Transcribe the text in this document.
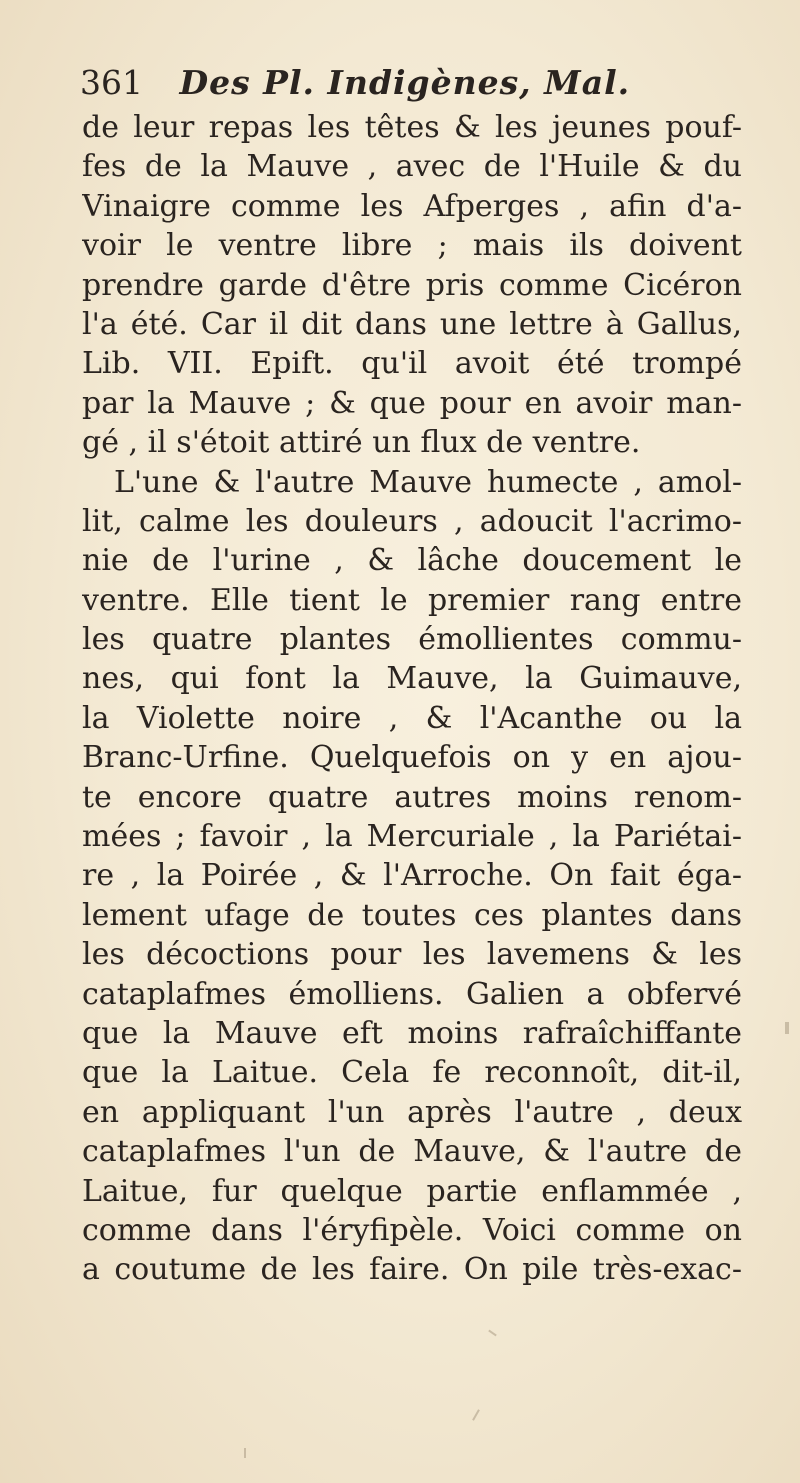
361 Des Pl. Indigènes, Mal.
de leur repas les têtes & les jeunes pouf-
fes de la Mauve , avec de l'Huile & du
Vinaigre comme les Afperges , afin d'a-
voir le ventre libre ; mais ils doivent
prendre garde d'être pris comme Cicéron
l'a été. Car il dit dans une lettre à Gallus,
Lib. VII. Epift. qu'il avoit été trompé
par la Mauve ; & que pour en avoir man-
gé , il s'étoit attiré un flux de ventre.
L'une & l'autre Mauve humecte , amol-
lit, calme les douleurs , adoucit l'acrimo-
nie de l'urine , & lâche doucement le
ventre. Elle tient le premier rang entre
les quatre plantes émollientes commu-
nes, qui font la Mauve, la Guimauve,
la Violette noire , & l'Acanthe ou la
Branc-Urfine. Quelquefois on y en ajou-
te encore quatre autres moins renom-
mées ; favoir , la Mercuriale , la Pariétai-
re , la Poirée , & l'Arroche. On fait éga-
lement ufage de toutes ces plantes dans
les décoctions pour les lavemens & les
cataplafmes émolliens. Galien a obfervé
que la Mauve eft moins rafraîchiffante
que la Laitue. Cela fe reconnoît, dit-il,
en appliquant l'un après l'autre , deux
cataplafmes l'un de Mauve, & l'autre de
Laitue, fur quelque partie enflammée ,
comme dans l'éryfipèle. Voici comme on
a coutume de les faire. On pile très-exac-
